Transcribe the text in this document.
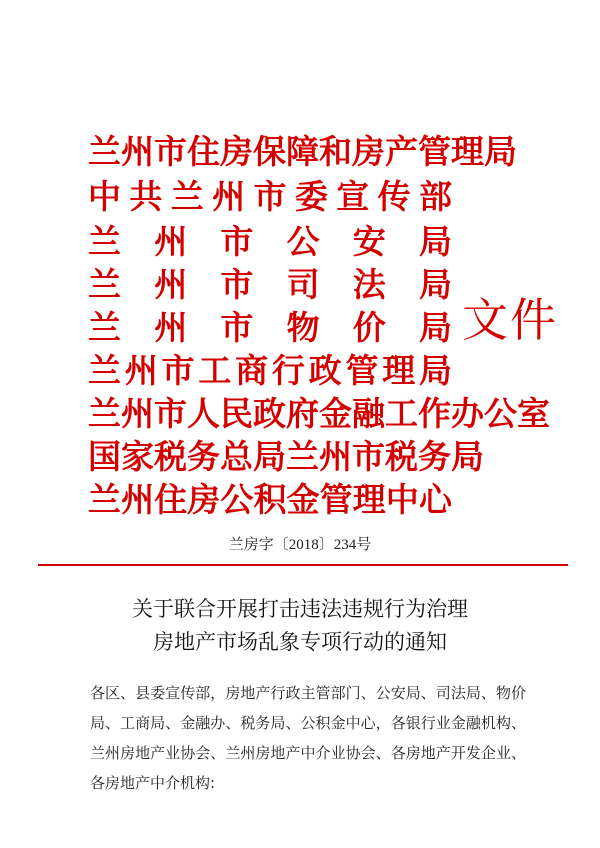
兰州市住房保障和房产管理局
中共兰州市委宣传部
兰州市公安局
兰州市司法局
兰州市物价局
兰州市工商行政管理局
兰州市人民政府金融工作办公室
国家税务总局兰州市税务局
兰州住房公积金管理中心
文件
兰房字〔2018〕234号
关于联合开展打击违法违规行为治理
房地产市场乱象专项行动的通知

各区、县委宣传部，房地产行政主管部门、公安局、司法局、物价局、工商局、金融办、税务局、公积金中心，各银行业金融机构、兰州房地产业协会、兰州房地产中介业协会、各房地产开发企业、各房地产中介机构:
